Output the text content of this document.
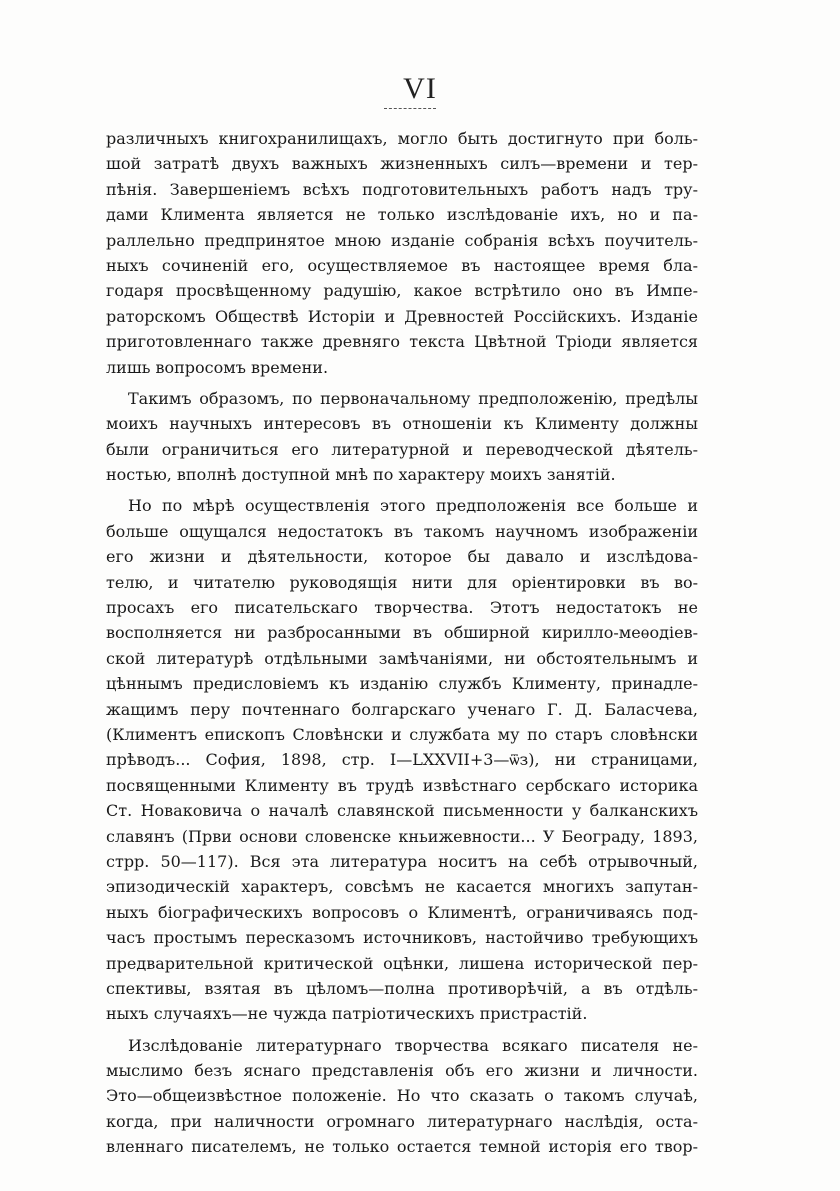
VI
различныхъ книгохранилищахъ, могло быть достигнуто при боль-
шой затратѣ двухъ важныхъ жизненныхъ силъ—времени и тер-
пѣнія. Завершеніемъ всѣхъ подготовительныхъ работъ надъ тру-
дами Климента является не только изслѣдованіе ихъ, но и па-
раллельно предпринятое мною изданіе собранія всѣхъ поучитель-
ныхъ сочиненій его, осуществляемое въ настоящее время бла-
годаря просвѣщенному радушію, какое встрѣтило оно въ Импе-
раторскомъ Обществѣ Исторіи и Древностей Россійскихъ. Изданіе
приготовленнаго также древняго текста Цвѣтной Тріоди является
лишь вопросомъ времени.
Такимъ образомъ, по первоначальному предположенію, предѣлы
моихъ научныхъ интересовъ въ отношеніи къ Клименту должны
были ограничиться его литературной и переводческой дѣятель-
ностью, вполнѣ доступной мнѣ по характеру моихъ занятій.
Но по мѣрѣ осуществленія этого предположенія все больше и
больше ощущался недостатокъ въ такомъ научномъ изображеніи
его жизни и дѣятельности, которое бы давало и изслѣдова-
телю, и читателю руководящія нити для оріентировки въ во-
просахъ его писательскаго творчества. Этотъ недостатокъ не
восполняется ни разбросанными въ обширной кирилло-меѳодіев-
ской литературѣ отдѣльными замѣчаніями, ни обстоятельнымъ и
цѣннымъ предисловіемъ къ изданію службъ Клименту, принадле-
жащимъ перу почтеннаго болгарскаго ученаго Г. Д. Баласчева,
(Климентъ епископъ Словѣнски и службата му по старъ словѣнски
прѣводъ... София, 1898, стр. I—LXXVII+3—ѿз), ни страницами,
посвященными Клименту въ трудѣ извѣстнаго сербскаго историка
Ст. Новаковича о началѣ славянской письменности у балканскихъ
славянъ (Први основи словенске кньижевности... У Београду, 1893,
стрр. 50—117). Вся эта литература носитъ на себѣ отрывочный,
эпизодическій характеръ, совсѣмъ не касается многихъ запутан-
ныхъ біографическихъ вопросовъ о Климентѣ, ограничиваясь под-
часъ простымъ пересказомъ источниковъ, настойчиво требующихъ
предварительной критической оцѣнки, лишена исторической пер-
спективы, взятая въ цѣломъ—полна противорѣчій, а въ отдѣль-
ныхъ случаяхъ—не чужда патріотическихъ пристрастій.
Изслѣдованіе литературнаго творчества всякаго писателя не-
мыслимо безъ яснаго представленія объ его жизни и личности.
Это—общеизвѣстное положеніе. Но что сказать о такомъ случаѣ,
когда, при наличности огромнаго литературнаго наслѣдія, оста-
вленнаго писателемъ, не только остается темной исторія его твор-
